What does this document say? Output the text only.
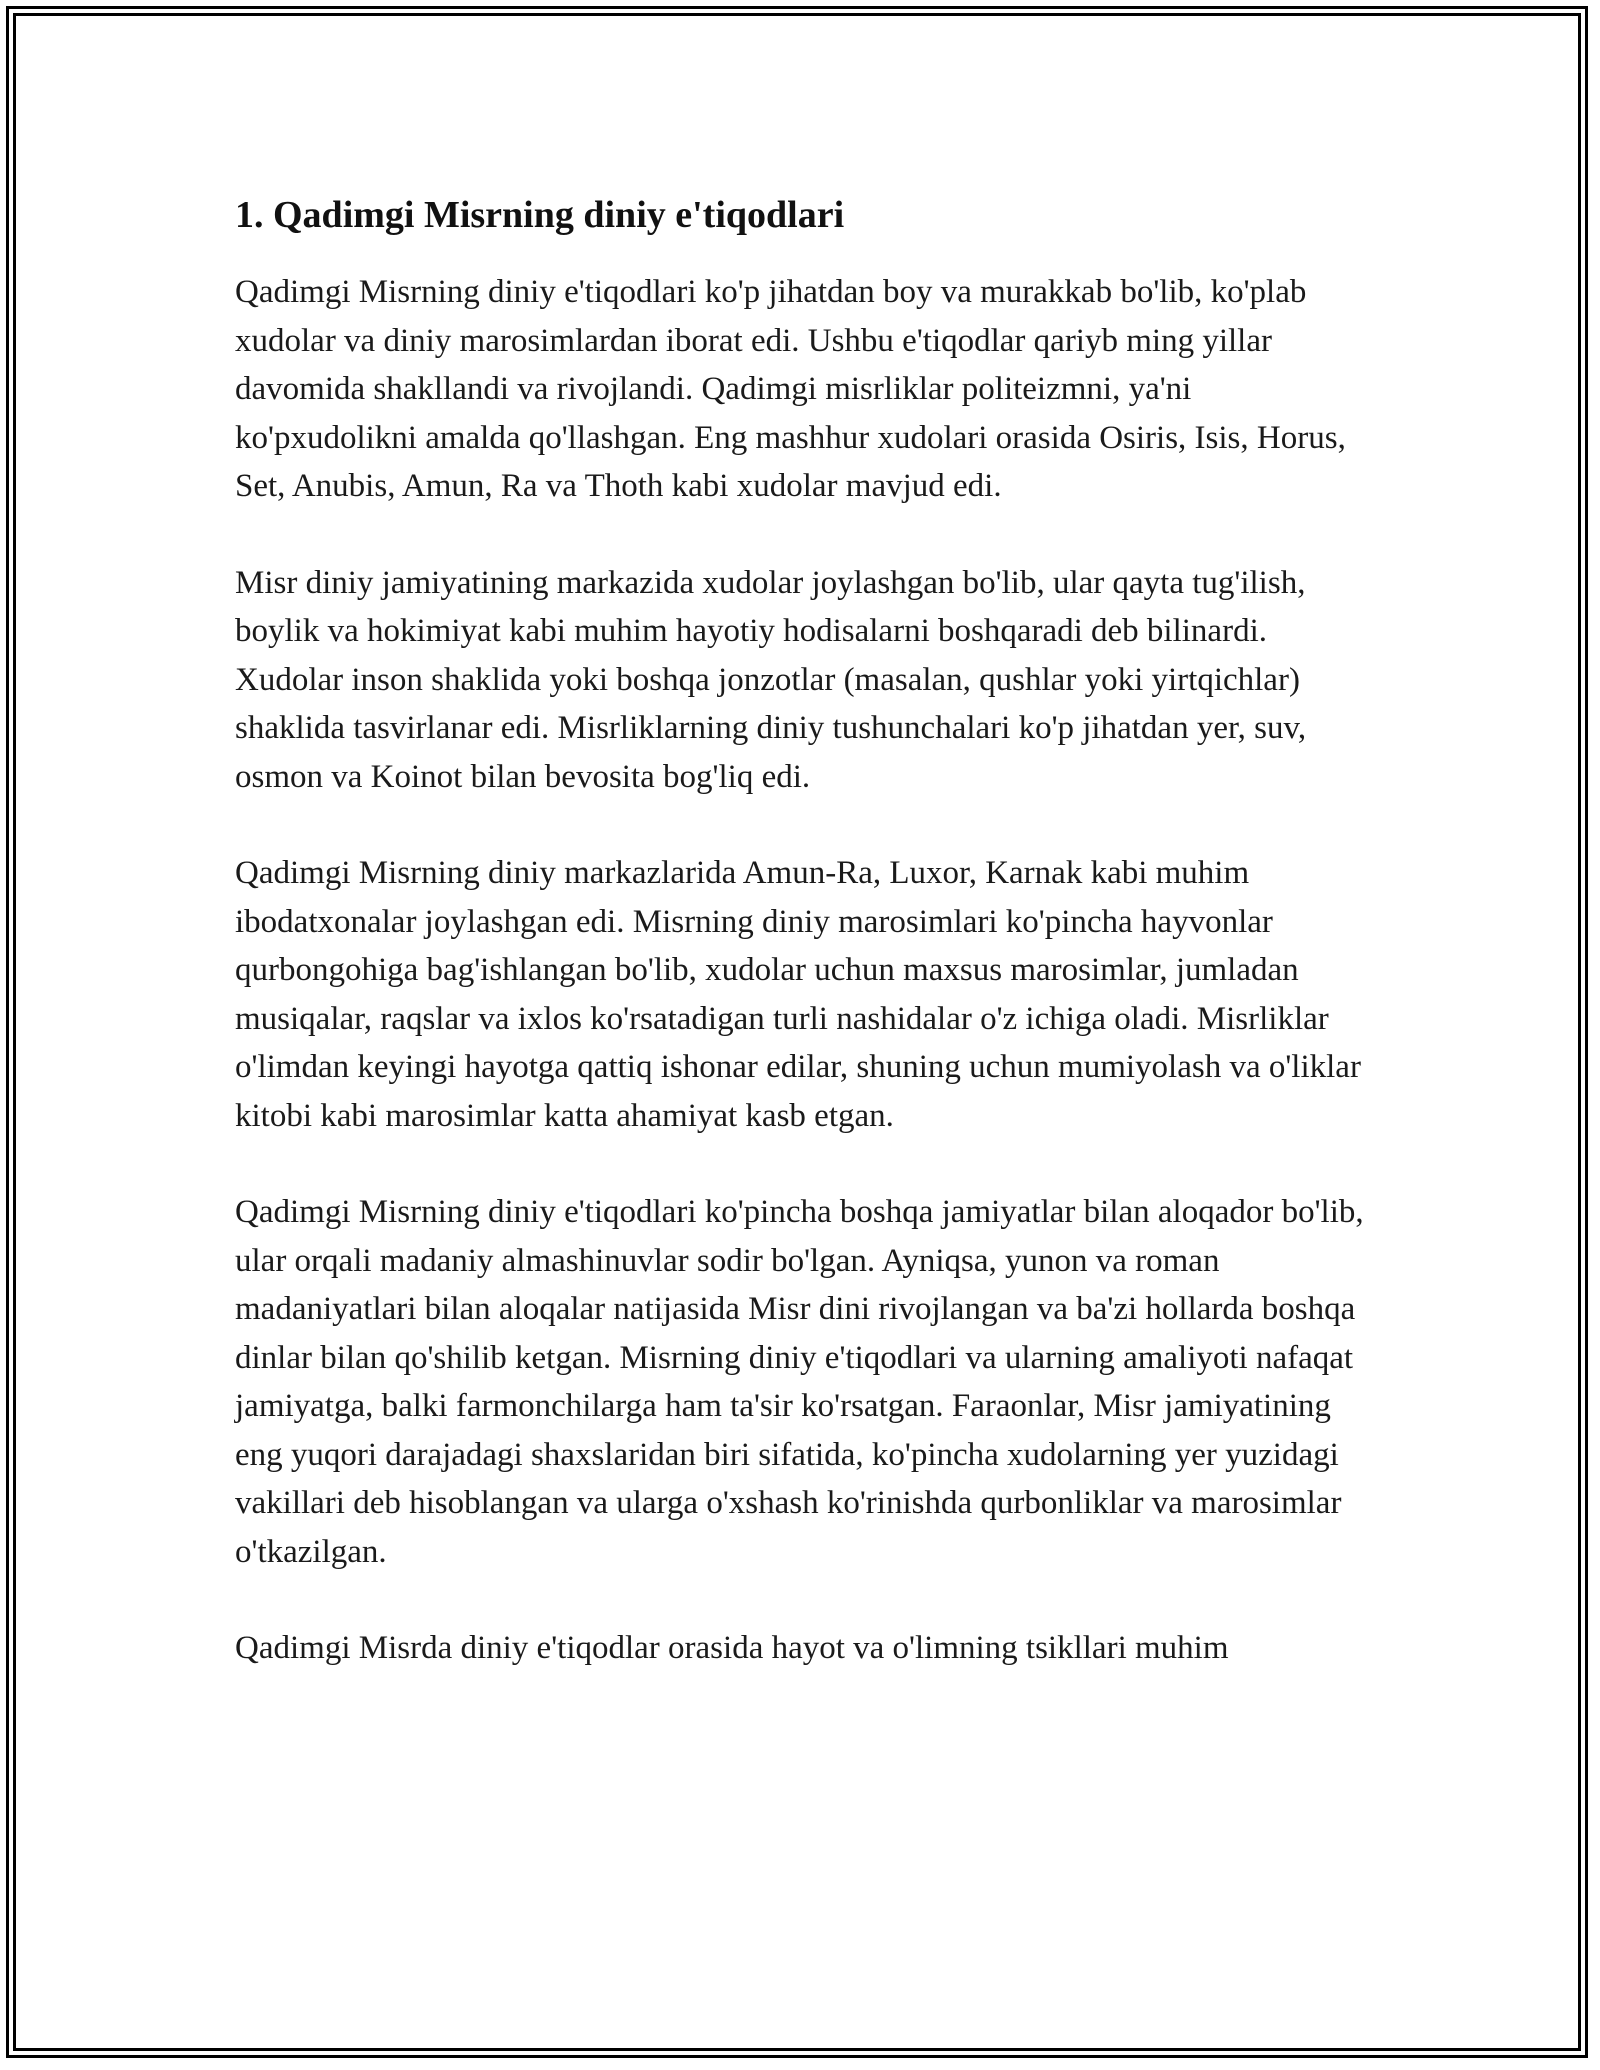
1. Qadimgi Misrning diniy e'tiqodlari

Qadimgi Misrning diniy e'tiqodlari ko'p jihatdan boy va murakkab bo'lib, ko'plab xudolar va diniy marosimlardan iborat edi. Ushbu e'tiqodlar qariyb ming yillar davomida shakllandi va rivojlandi. Qadimgi misrliklar politeizmni, ya'ni ko'pxudolikni amalda qo'llashgan. Eng mashhur xudolari orasida Osiris, Isis, Horus, Set, Anubis, Amun, Ra va Thoth kabi xudolar mavjud edi.

Misr diniy jamiyatining markazida xudolar joylashgan bo'lib, ular qayta tug'ilish, boylik va hokimiyat kabi muhim hayotiy hodisalarni boshqaradi deb bilinardi. Xudolar inson shaklida yoki boshqa jonzotlar (masalan, qushlar yoki yirtqichlar) shaklida tasvirlanar edi. Misrliklarning diniy tushunchalari ko'p jihatdan yer, suv, osmon va Koinot bilan bevosita bog'liq edi.

Qadimgi Misrning diniy markazlarida Amun-Ra, Luxor, Karnak kabi muhim ibodatxonalar joylashgan edi. Misrning diniy marosimlari ko'pincha hayvonlar qurbongohiga bag'ishlangan bo'lib, xudolar uchun maxsus marosimlar, jumladan musiqalar, raqslar va ixlos ko'rsatadigan turli nashidalar o'z ichiga oladi. Misrliklar o'limdan keyingi hayotga qattiq ishonar edilar, shuning uchun mumiyolash va o'liklar kitobi kabi marosimlar katta ahamiyat kasb etgan.

Qadimgi Misrning diniy e'tiqodlari ko'pincha boshqa jamiyatlar bilan aloqador bo'lib, ular orqali madaniy almashinuvlar sodir bo'lgan. Ayniqsa, yunon va roman madaniyatlari bilan aloqalar natijasida Misr dini rivojlangan va ba'zi hollarda boshqa dinlar bilan qo'shilib ketgan. Misrning diniy e'tiqodlari va ularning amaliyoti nafaqat jamiyatga, balki farmonchilarga ham ta'sir ko'rsatgan. Faraonlar, Misr jamiyatining eng yuqori darajadagi shaxslaridan biri sifatida, ko'pincha xudolarning yer yuzidagi vakillari deb hisoblangan va ularga o'xshash ko'rinishda qurbonliklar va marosimlar o'tkazilgan.

Qadimgi Misrda diniy e'tiqodlar orasida hayot va o'limning tsikllari muhim
